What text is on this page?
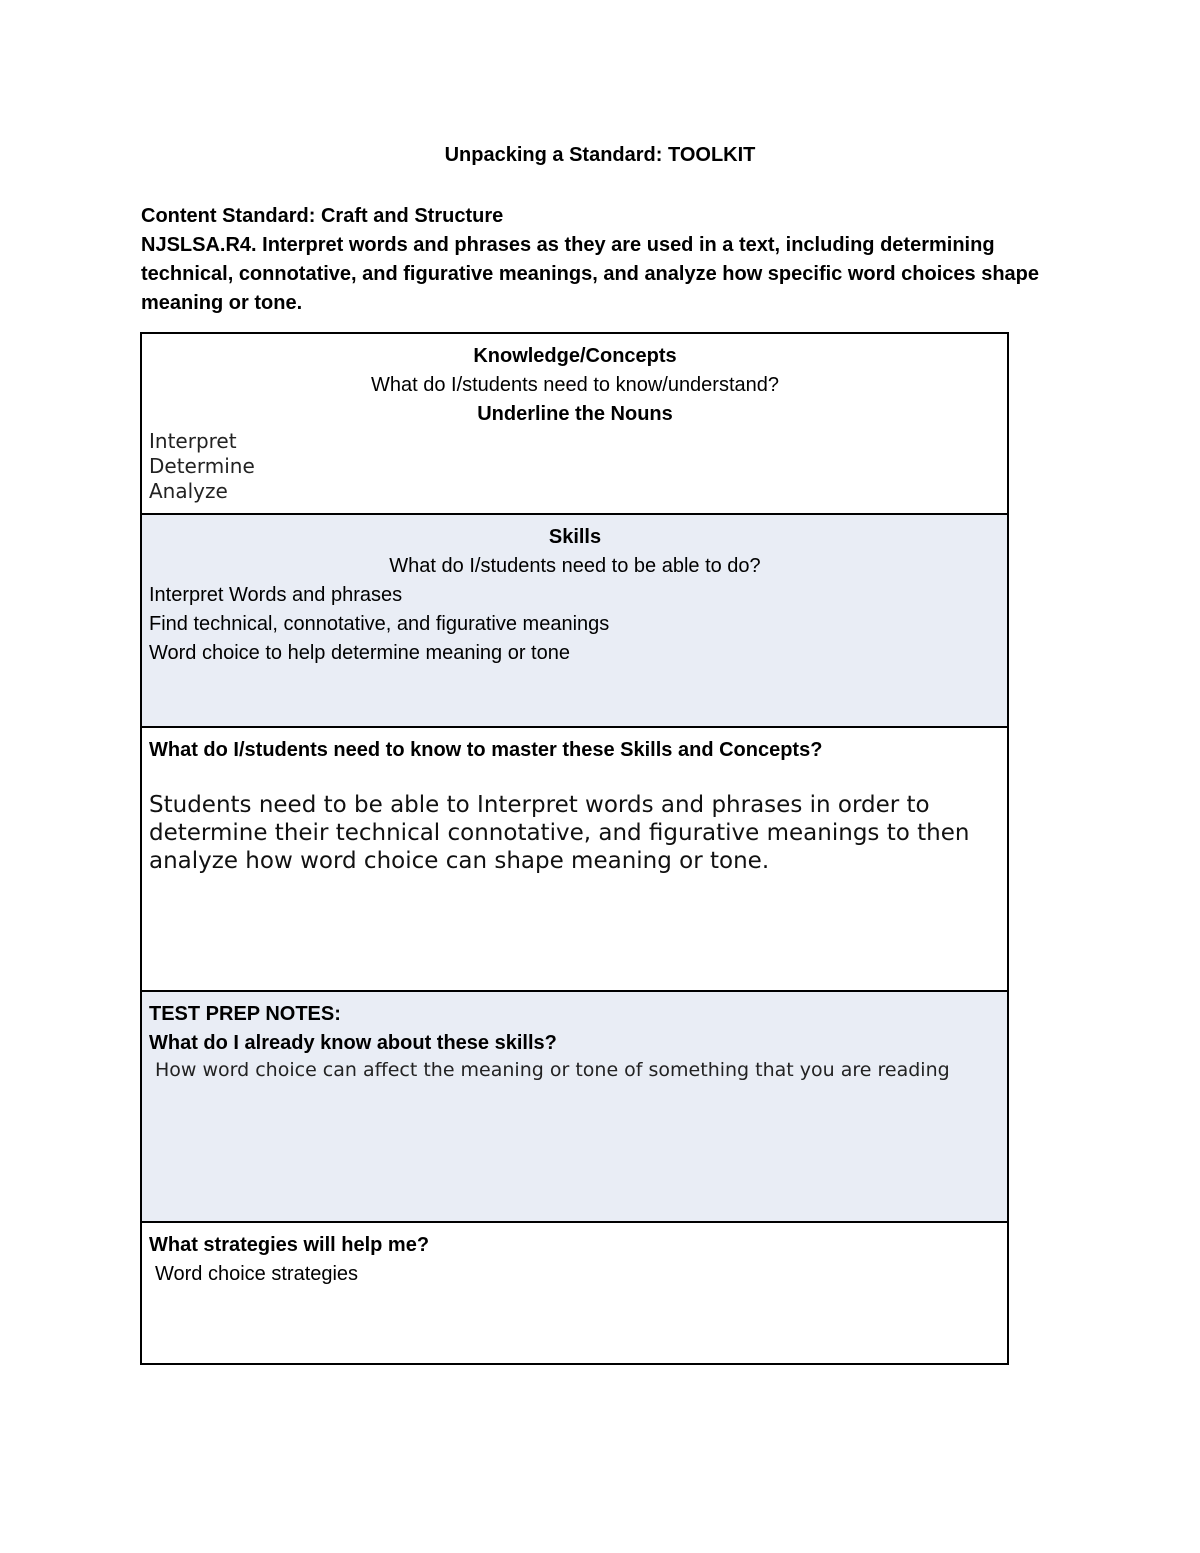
Unpacking a Standard: TOOLKIT
Content Standard: Craft and Structure
NJSLSA.R4. Interpret words and phrases as they are used in a text, including determining technical, connotative, and figurative meanings, and analyze how specific word choices shape meaning or tone.
Knowledge/Concepts
What do I/students need to know/understand?
Underline the Nouns
Interpret
Determine
Analyze
Skills
What do I/students need to be able to do?
Interpret Words and phrases
Find technical, connotative, and figurative meanings
Word choice to help determine meaning or tone
What do I/students need to know to master these Skills and Concepts?
Students need to be able to Interpret words and phrases in order to determine their technical connotative, and figurative meanings to then analyze how word choice can shape meaning or tone.
TEST PREP NOTES:
What do I already know about these skills?
How word choice can affect the meaning or tone of something that you are reading
What strategies will help me?
Word choice strategies
